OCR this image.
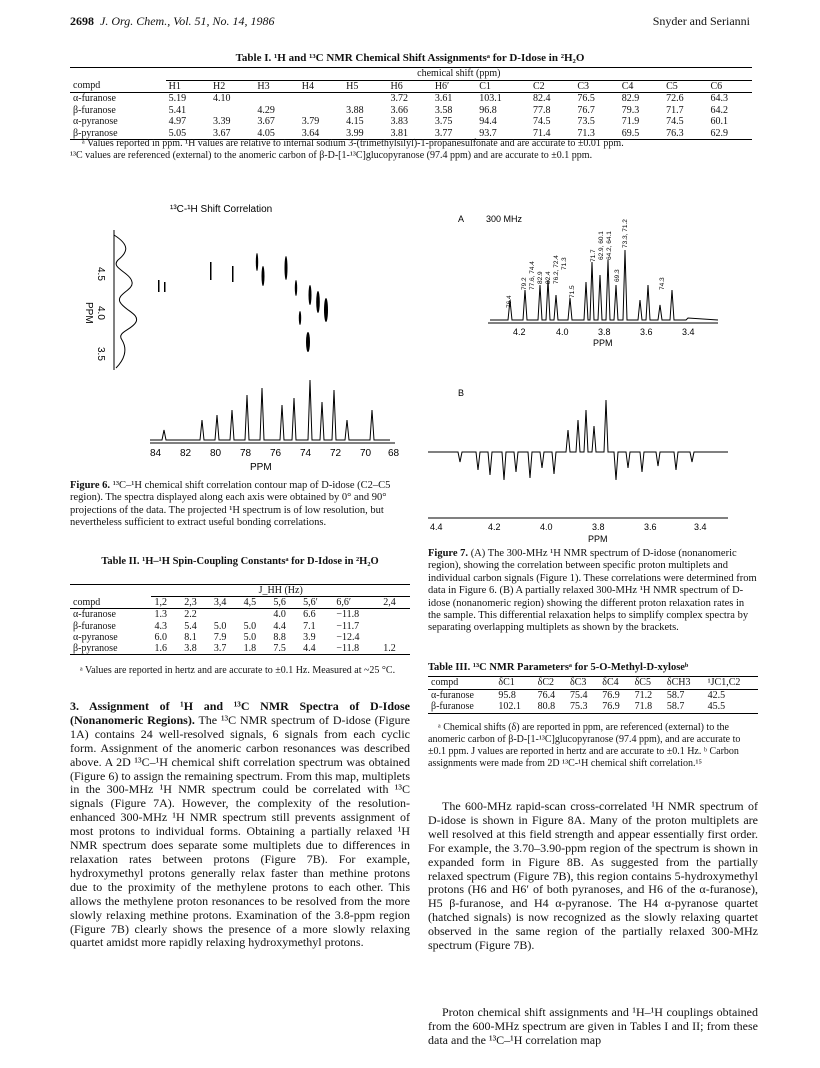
2698 J. Org. Chem., Vol. 51, No. 14, 1986	Snyder and Serianni
Table I. ¹H and ¹³C NMR Chemical Shift Assignmentsᵃ for D-Idose in ²H₂O
	chemical shift (ppm)												
compd	H1	H2	H3	H4	H5	H6	H6′	C1	C2	C3	C4	C5	C6
α-furanose	5.19	4.10				3.72	3.61	103.1	82.4	76.5	82.9	72.6	64.3
β-furanose	5.41		4.29		3.88	3.66	3.58	96.8	77.8	76.7	79.3	71.7	64.2
α-pyranose	4.97	3.39	3.67	3.79	4.15	3.83	3.75	94.4	74.5	73.5	71.9	74.5	60.1
β-pyranose	5.05	3.67	4.05	3.64	3.99	3.81	3.77	93.7	71.4	71.3	69.5	76.3	62.9
ᵃ Values reported in ppm. ¹H values are relative to internal sodium 3-(trimethylsilyl)-1-propanesulfonate and are accurate to ±0.01 ppm.
¹³C values are referenced (external) to the anomeric carbon of β-D-[1-¹³C]glucopyranose (97.4 ppm) and are accurate to ±0.1 ppm.
¹³C-¹H Shift Correlation
4.5
4.0
3.5
PPM
84 82 80 78 76 74 72 70 68
PPM
Figure 6. ¹³C–¹H chemical shift correlation contour map of D-idose (C2–C5 region). The spectra displayed along each axis were obtained by 0° and 90° projections of the data. The projected ¹H spectrum is of low resolution, but nevertheless sufficient to extract useful bonding correlations.
Table II. ¹H–¹H Spin-Coupling Constantsᵃ for D-Idose in ²H₂O
	J_HH (Hz)							
compd	1,2	2,3	3,4	4,5	5,6	5,6′	6,6′	2,4
α-furanose	1.3	2.2			4.0	6.6	−11.8	
β-furanose	4.3	5.4	5.0	5.0	4.4	7.1	−11.7	
α-pyranose	6.0	8.1	7.9	5.0	8.8	3.9	−12.4	
β-pyranose	1.6	3.8	3.7	1.8	7.5	4.4	−11.8	1.2
ᵃ Values are reported in hertz and are accurate to ±0.1 Hz. Measured at ~25 °C.
3. Assignment of ¹H and ¹³C NMR Spectra of D-Idose (Nonanomeric Regions). The ¹³C NMR spectrum of D-idose (Figure 1A) contains 24 well-resolved signals, 6 signals from each cyclic form. Assignment of the anomeric carbon resonances was described above. A 2D ¹³C–¹H chemical shift correlation spectrum was obtained (Figure 6) to assign the remaining spectrum. From this map, multiplets in the 300-MHz ¹H NMR spectrum could be correlated with ¹³C signals (Figure 7A). However, the complexity of the resolution-enhanced 300-MHz ¹H NMR spectrum still prevents assignment of most protons to individual forms. Obtaining a partially relaxed ¹H NMR spectrum does separate some multiplets due to differences in relaxation rates between protons (Figure 7B). For example, hydroxymethyl protons generally relax faster than methine protons due to the proximity of the methylene protons to each other. This allows the methylene proton resonances to be resolved from the more slowly relaxing methine protons. Examination of the 3.8-ppm region (Figure 7B) clearly shows the presence of a more slowly relaxing quartet amidst more rapidly relaxing hydroxymethyl protons.
A 300 MHz
76.4
79.2 77.6, 74.4 82.9 82.4 76.2, 72.4 71.3
71.5
71.7 62.9, 60.1 64.2, 64.1
69.3
73.3, 71.2
74.3
4.2	4.0	3.8	3.6	3.4
PPM
B
4.4	4.2	4.0	3.8	3.6	3.4
PPM
Figure 7. (A) The 300-MHz ¹H NMR spectrum of D-idose (nonanomeric region), showing the correlation between specific proton multiplets and individual carbon signals (Figure 1). These correlations were determined from data in Figure 6. (B) A partially relaxed 300-MHz ¹H NMR spectrum of D-idose (nonanomeric region) showing the different proton relaxation rates in the sample. This differential relaxation helps to simplify complex spectra by separating overlapping multiplets as shown by the brackets.
Table III. ¹³C NMR Parametersᵃ for 5-O-Methyl-D-xyloseᵇ
compd	δC1	δC2	δC3	δC4	δC5	δCH3	¹JC1,C2
α-furanose	95.8	76.4	75.4	76.9	71.2	58.7	42.5
β-furanose	102.1	80.8	75.3	76.9	71.8	58.7	45.5
ᵃ Chemical shifts (δ) are reported in ppm, are referenced (external) to the anomeric carbon of β-D-[1-¹³C]glucopyranose (97.4 ppm), and are accurate to ±0.1 ppm. J values are reported in hertz and are accurate to ±0.1 Hz. ᵇ Carbon assignments were made from 2D ¹³C-¹H chemical shift correlation.¹⁵
The 600-MHz rapid-scan cross-correlated ¹H NMR spectrum of D-idose is shown in Figure 8A. Many of the proton multiplets are well resolved at this field strength and appear essentially first order. For example, the 3.70–3.90-ppm region of the spectrum is shown in expanded form in Figure 8B. As suggested from the partially relaxed spectrum (Figure 7B), this region contains 5-hydroxymethyl protons (H6 and H6′ of both pyranoses, and H6 of the α-furanose), H5 β-furanose, and H4 α-pyranose. The H4 α-pyranose quartet (hatched signals) is now recognized as the slowly relaxing quartet observed in the same region of the partially relaxed 300-MHz spectrum (Figure 7B).
Proton chemical shift assignments and ¹H–¹H couplings obtained from the 600-MHz spectrum are given in Tables I and II; from these data and the ¹³C–¹H correlation map
